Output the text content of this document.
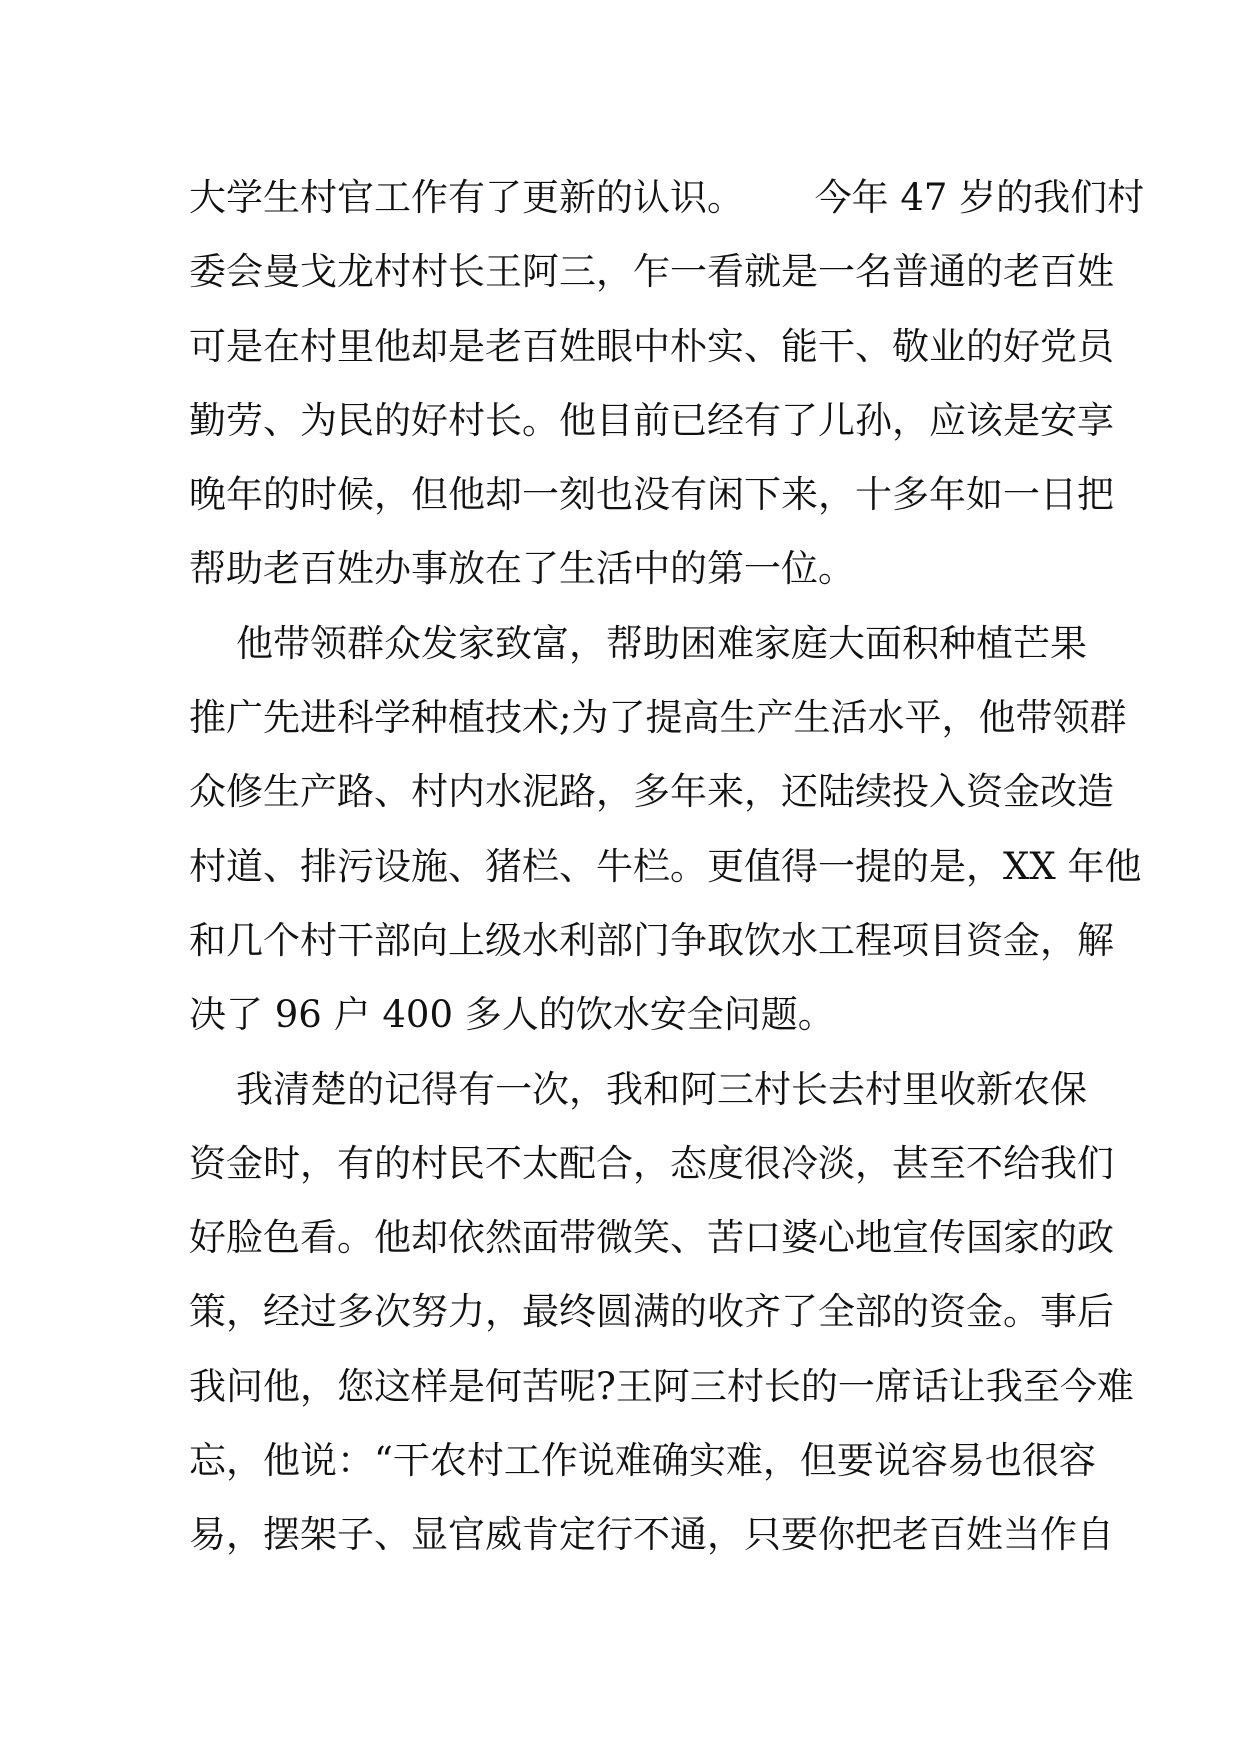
大学生村官工作有了更新的认识。      今年 47 岁的我们村
委会曼戈龙村村长王阿三，乍一看就是一名普通的老百姓
可是在村里他却是老百姓眼中朴实、能干、敬业的好党员
勤劳、为民的好村长。他目前已经有了儿孙，应该是安享
晚年的时候，但他却一刻也没有闲下来，十多年如一日把
帮助老百姓办事放在了生活中的第一位。
他带领群众发家致富，帮助困难家庭大面积种植芒果
推广先进科学种植技术;为了提高生产生活水平，他带领群
众修生产路、村内水泥路，多年来，还陆续投入资金改造
村道、排污设施、猪栏、牛栏。更值得一提的是，XX 年他
和几个村干部向上级水利部门争取饮水工程项目资金，解
决了 96 户 400 多人的饮水安全问题。
我清楚的记得有一次，我和阿三村长去村里收新农保
资金时，有的村民不太配合，态度很冷淡，甚至不给我们
好脸色看。他却依然面带微笑、苦口婆心地宣传国家的政
策，经过多次努力，最终圆满的收齐了全部的资金。事后
我问他，您这样是何苦呢?王阿三村长的一席话让我至今难
忘，他说：“干农村工作说难确实难，但要说容易也很容
易，摆架子、显官威肯定行不通，只要你把老百姓当作自
